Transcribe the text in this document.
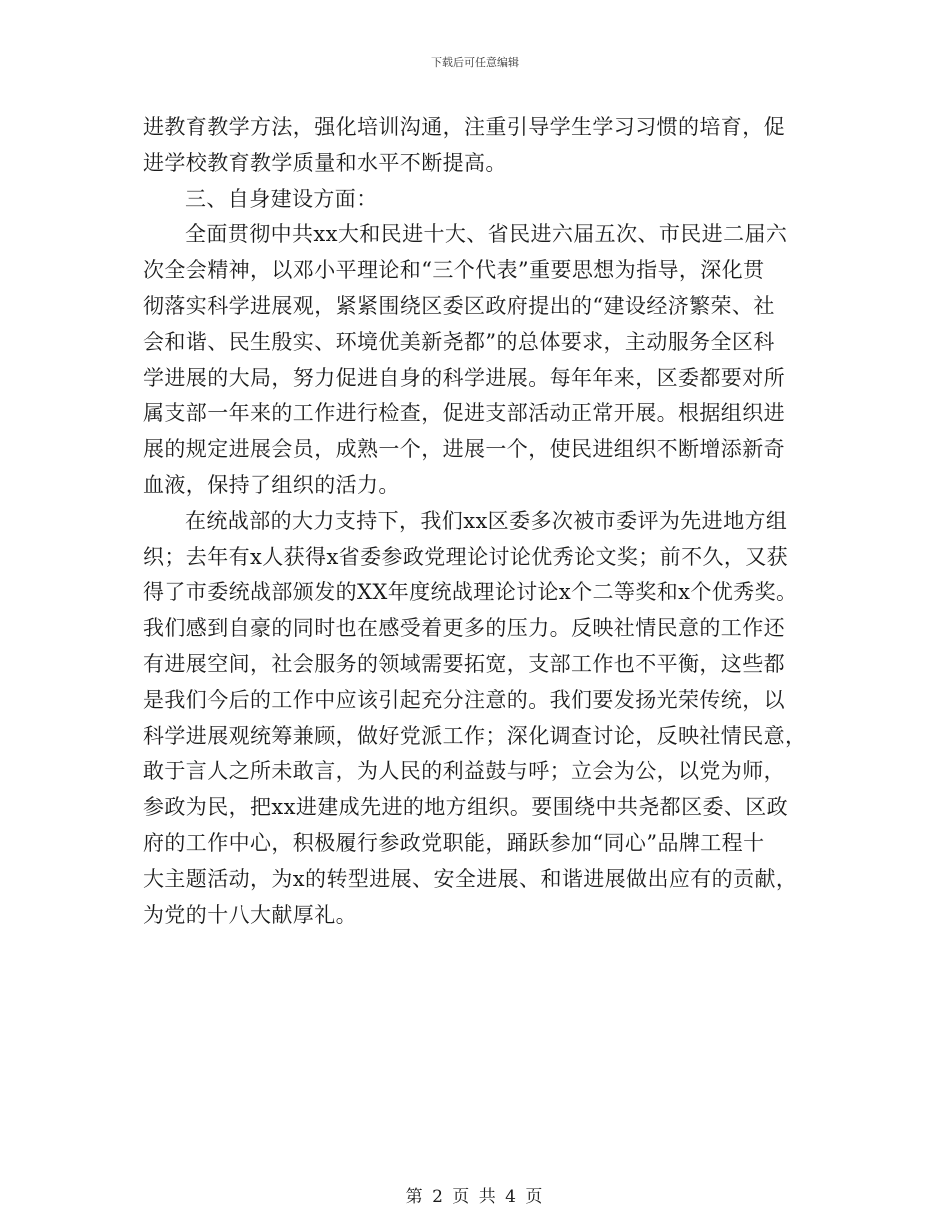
下载后可任意编辑
进教育教学方法，强化培训沟通，注重引导学生学习习惯的培育，促
进学校教育教学质量和水平不断提高。
三、自身建设方面：
全面贯彻中共xx大和民进十大、省民进六届五次、市民进二届六
次全会精神，以邓小平理论和“三个代表”重要思想为指导，深化贯
彻落实科学进展观，紧紧围绕区委区政府提出的“建设经济繁荣、社
会和谐、民生殷实、环境优美新尧都”的总体要求，主动服务全区科
学进展的大局，努力促进自身的科学进展。每年年来，区委都要对所
属支部一年来的工作进行检查，促进支部活动正常开展。根据组织进
展的规定进展会员，成熟一个，进展一个，使民进组织不断增添新奇
血液，保持了组织的活力。
在统战部的大力支持下，我们xx区委多次被市委评为先进地方组
织；去年有x人获得x省委参政党理论讨论优秀论文奖；前不久，又获
得了市委统战部颁发的XX年度统战理论讨论x个二等奖和x个优秀奖。
我们感到自豪的同时也在感受着更多的压力。反映社情民意的工作还
有进展空间，社会服务的领域需要拓宽，支部工作也不平衡，这些都
是我们今后的工作中应该引起充分注意的。我们要发扬光荣传统，以
科学进展观统筹兼顾，做好党派工作；深化调查讨论，反映社情民意，
敢于言人之所未敢言，为人民的利益鼓与呼；立会为公，以党为师，
参政为民，把xx进建成先进的地方组织。要围绕中共尧都区委、区政
府的工作中心，积极履行参政党职能，踊跃参加“同心”品牌工程十
大主题活动，为x的转型进展、安全进展、和谐进展做出应有的贡献，
为党的十八大献厚礼。
第 2 页 共 4 页
